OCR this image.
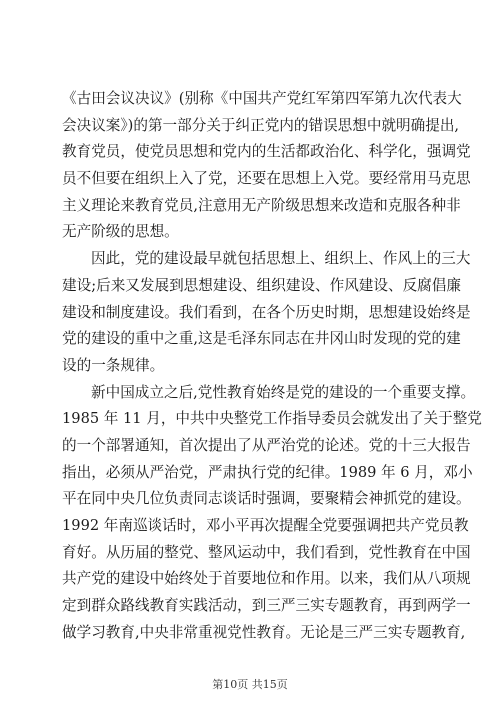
《古田会议决议》(别称《中国共产党红军第四军第九次代表大
会决议案》)的第一部分关于纠正党内的错误思想中就明确提出,
教育党员，使党员思想和党内的生活都政治化、科学化，强调党
员不但要在组织上入了党，还要在思想上入党。要经常用马克思
主义理论来教育党员,注意用无产阶级思想来改造和克服各种非
无产阶级的思想。
因此，党的建设最早就包括思想上、组织上、作风上的三大
建设;后来又发展到思想建设、组织建设、作风建设、反腐倡廉
建设和制度建设。我们看到，在各个历史时期，思想建设始终是
党的建设的重中之重,这是毛泽东同志在井冈山时发现的党的建
设的一条规律。
新中国成立之后,党性教育始终是党的建设的一个重要支撑。
1985 年 11 月，中共中央整党工作指导委员会就发出了关于整党
的一个部署通知，首次提出了从严治党的论述。党的十三大报告
指出，必须从严治党，严肃执行党的纪律。1989 年 6 月，邓小
平在同中央几位负责同志谈话时强调，要聚精会神抓党的建设。
1992 年南巡谈话时，邓小平再次提醒全党要强调把共产党员教
育好。从历届的整党、整风运动中，我们看到，党性教育在中国
共产党的建设中始终处于首要地位和作用。以来，我们从八项规
定到群众路线教育实践活动，到三严三实专题教育，再到两学一
做学习教育,中央非常重视党性教育。无论是三严三实专题教育,
第10页 共15页
